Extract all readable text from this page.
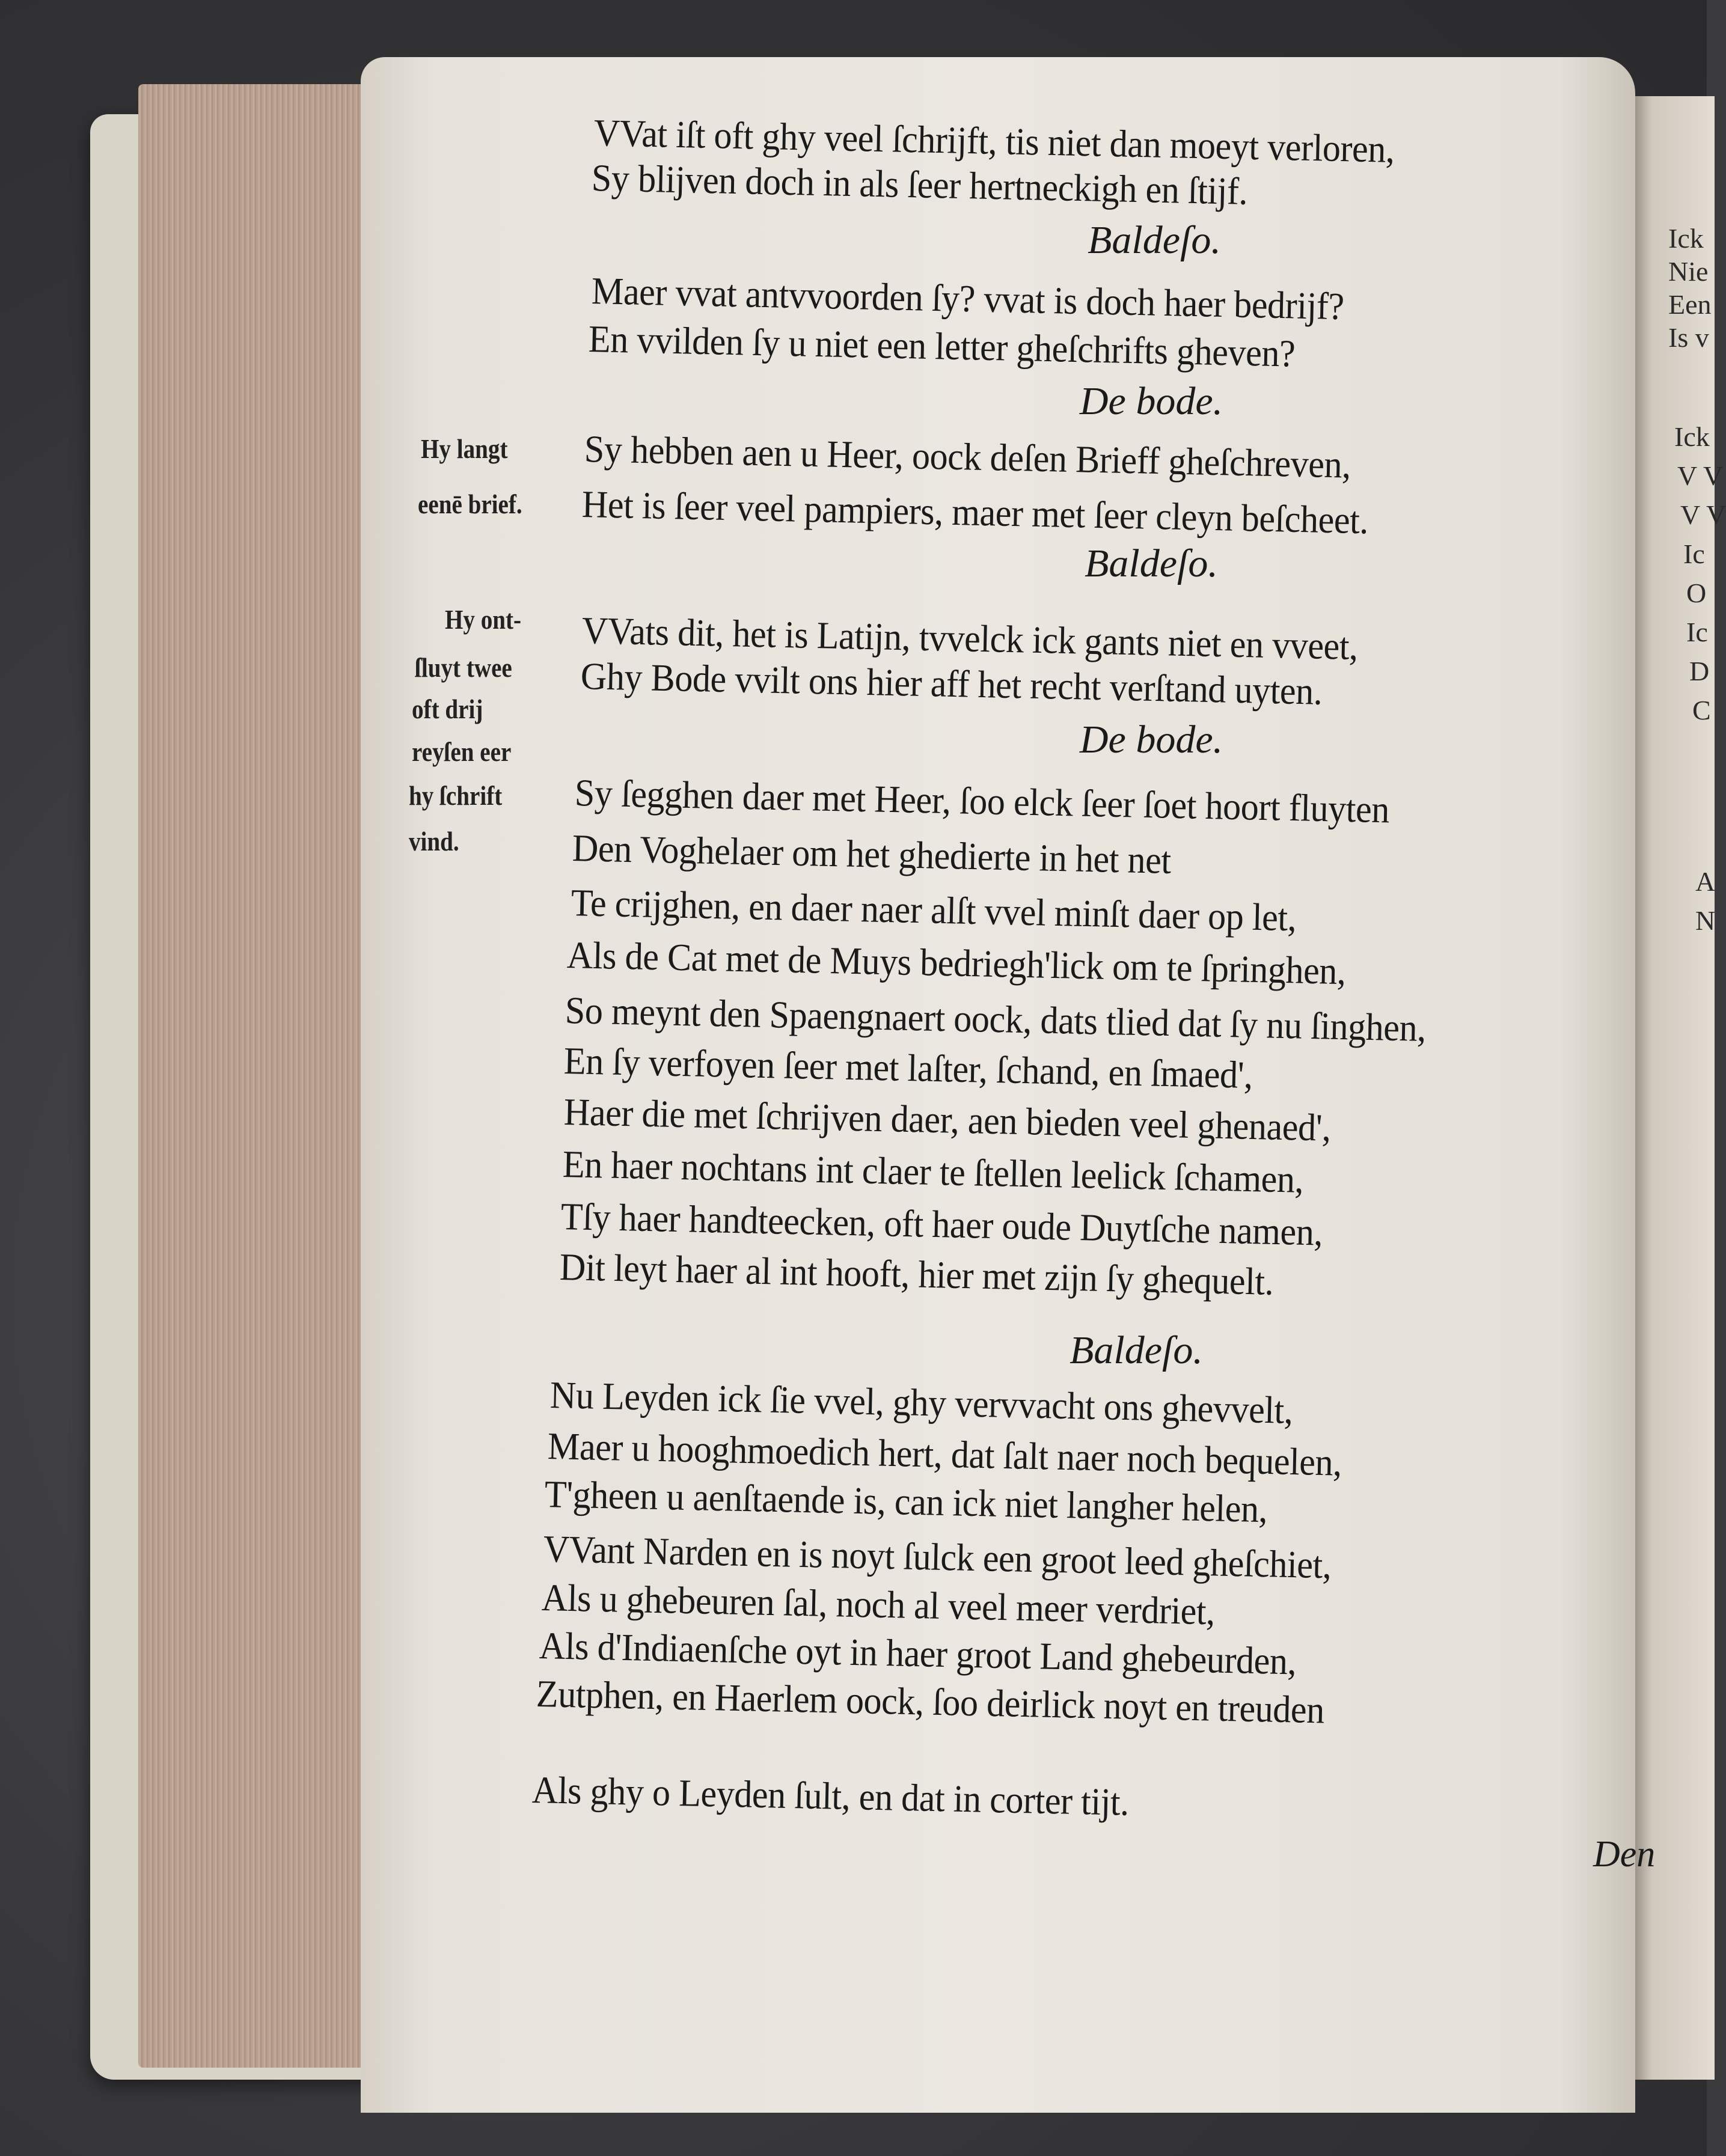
Ick
Nie
Een
Is v
Ick
V V
V V
Ic
O
Ic
D
C
A
N
VVat iſt oft ghy veel ſchrijft, tis niet dan moeyt verloren,
Sy blijven doch in als ſeer hertneckigh en ſtijf.
Baldeſo.
Maer vvat antvvoorden ſy? vvat is doch haer bedrijf?
En vvilden ſy u niet een letter gheſchrifts gheven?
De bode.
Sy hebben aen u Heer, oock deſen Brieff gheſchreven,
Het is ſeer veel pampiers, maer met ſeer cleyn beſcheet.
Baldeſo.
VVats dit, het is Latijn, tvvelck ick gants niet en vveet,
Ghy Bode vvilt ons hier aff het recht verſtand uyten.
De bode.
Sy ſegghen daer met Heer, ſoo elck ſeer ſoet hoort fluyten
Den Voghelaer om het ghedierte in het net
Te crijghen, en daer naer alſt vvel minſt daer op let,
Als de Cat met de Muys bedriegh'lick om te ſpringhen,
So meynt den Spaengnaert oock, dats tlied dat ſy nu ſinghen,
En ſy verfoyen ſeer met laſter, ſchand, en ſmaed',
Haer die met ſchrijven daer, aen bieden veel ghenaed',
En haer nochtans int claer te ſtellen leelick ſchamen,
Tſy haer handteecken, oft haer oude Duytſche namen,
Dit leyt haer al int hooft, hier met zijn ſy ghequelt.
Baldeſo.
Nu Leyden ick ſie vvel, ghy vervvacht ons ghevvelt,
Maer u hooghmoedich hert, dat ſalt naer noch bequelen,
T'gheen u aenſtaende is, can ick niet langher helen,
VVant Narden en is noyt ſulck een groot leed gheſchiet,
Als u ghebeuren ſal, noch al veel meer verdriet,
Als d'Indiaenſche oyt in haer groot Land ghebeurden,
Zutphen, en Haerlem oock, ſoo deirlick noyt en treuden
Als ghy o Leyden ſult, en dat in corter tijt.
Den
Hy langt
eenē brief.
Hy ont-
ſluyt twee
oft drij
reyſen eer
hy ſchrift
vind.
